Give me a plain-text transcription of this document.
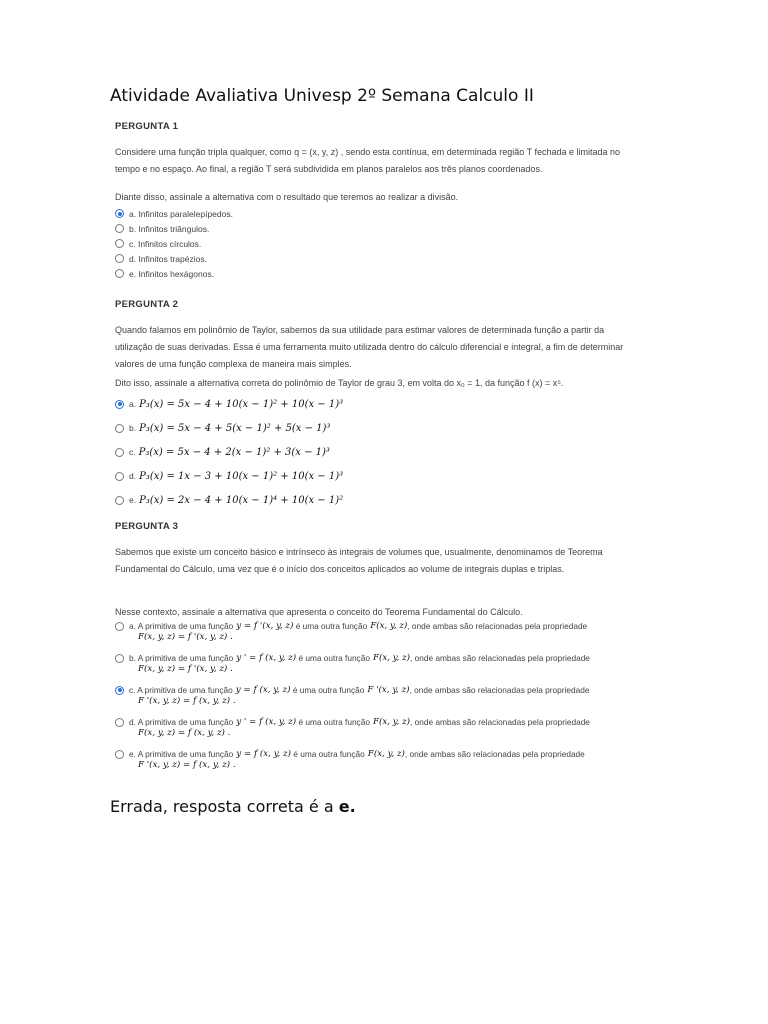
Atividade Avaliativa Univesp 2º Semana Calculo II
PERGUNTA 1
Considere uma função tripla qualquer, como q = (x, y, z) , sendo esta contínua, em determinada região T fechada e limitada no
tempo e no espaço. Ao final, a região T será subdividida em planos paralelos aos três planos coordenados.
Diante disso, assinale a alternativa com o resultado que teremos ao realizar a divisão.
a. Infinitos paralelepípedos.
b. Infinitos triângulos.
c. Infinitos círculos.
d. Infinitos trapézios.
e. Infinitos hexágonos.
PERGUNTA 2
Quando falamos em polinômio de Taylor, sabemos da sua utilidade para estimar valores de determinada função a partir da
utilização de suas derivadas. Essa é uma ferramenta muito utilizada dentro do cálculo diferencial e integral, a fim de determinar
valores de uma função complexa de maneira mais simples.
Dito isso, assinale a alternativa correta do polinômio de Taylor de grau 3, em volta do x₀ = 1, da função f (x) = x⁵.
a. P₃(x) = 5x − 4 + 10(x − 1)² + 10(x − 1)³
b. P₃(x) = 5x − 4 + 5(x − 1)² + 5(x − 1)³
c. P₃(x) = 5x − 4 + 2(x − 1)² + 3(x − 1)³
d. P₃(x) = 1x − 3 + 10(x − 1)² + 10(x − 1)³
e. P₃(x) = 2x − 4 + 10(x − 1)⁴ + 10(x − 1)²
PERGUNTA 3
Sabemos que existe um conceito básico e intrínseco às integrais de volumes que, usualmente, denominamos de Teorema
Fundamental do Cálculo, uma vez que é o início dos conceitos aplicados ao volume de integrais duplas e triplas.
Nesse contexto, assinale a alternativa que apresenta o conceito do Teorema Fundamental do Cálculo.
a. A primitiva de uma função y = f '(x, y, z)
é uma outra função F(x, y, z) , onde ambas são relacionadas pela propriedade
F(x, y, z) = f '(x, y, z) .
b. A primitiva de uma função y ' = f (x, y, z)
é uma outra função F(x, y, z) , onde ambas são relacionadas pela propriedade
F(x, y, z) = f '(x, y, z) .
c. A primitiva de uma função y = f (x, y, z)
é uma outra função F '(x, y, z) , onde ambas são relacionadas pela propriedade
F '(x, y, z) = f (x, y, z) .
d. A primitiva de uma função y ' = f (x, y, z)
é uma outra função F(x, y, z) , onde ambas são relacionadas pela propriedade
F(x, y, z) = f (x, y, z) .
e. A primitiva de uma função y = f (x, y, z)
é uma outra função F(x, y, z) , onde ambas são relacionadas pela propriedade
F '(x, y, z) = f (x, y, z) .
Errada, resposta correta é a e.
